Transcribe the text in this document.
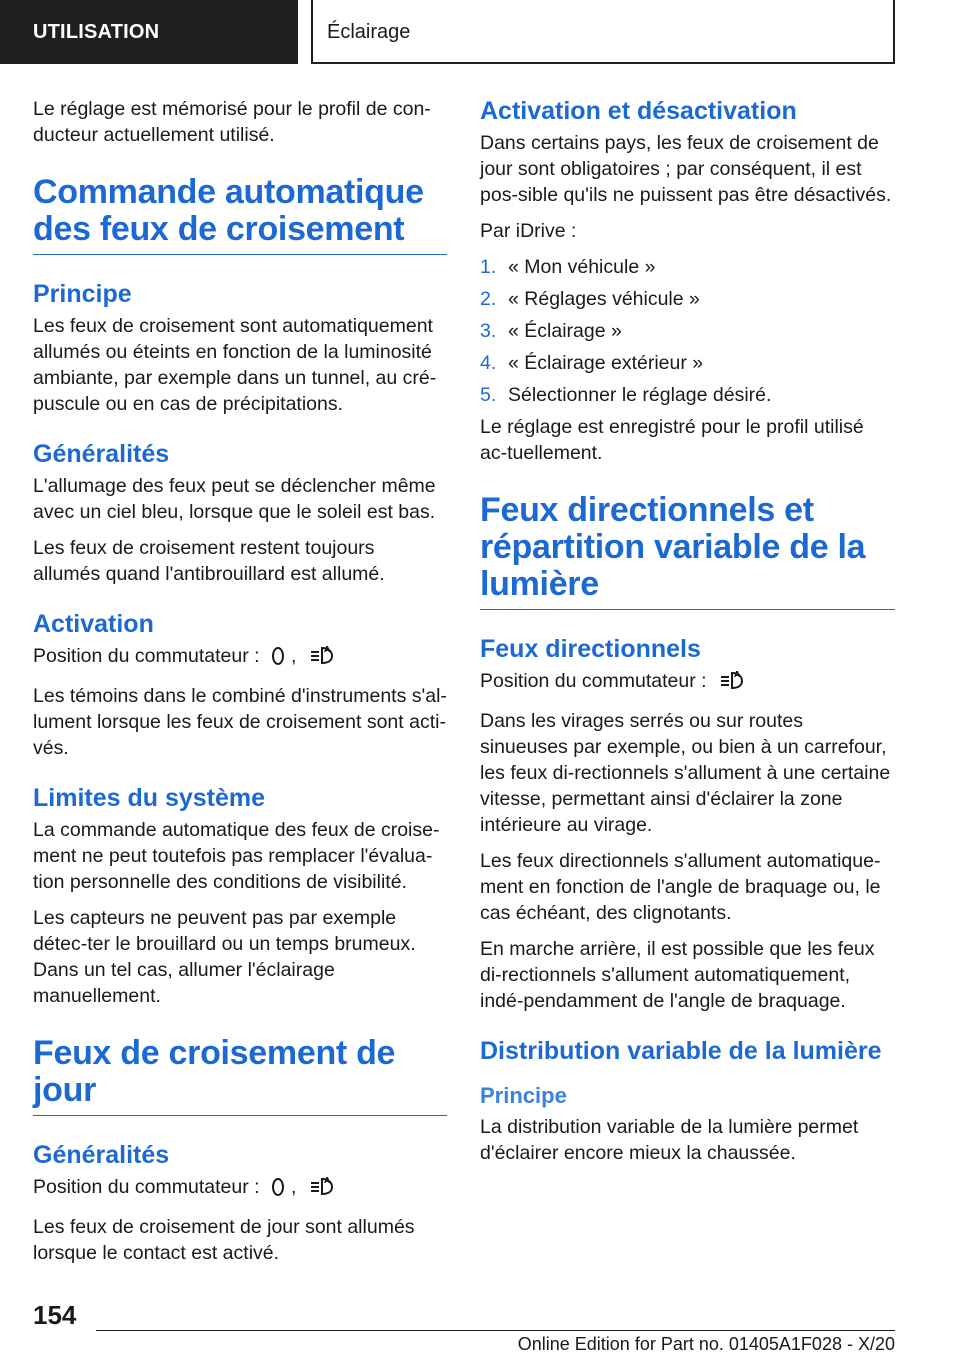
UTILISATION	Éclairage

Le réglage est mémorisé pour le profil de con-ducteur actuellement utilisé.

Commande automatique des feux de croisement
Principe

Les feux de croisement sont automatiquement allumés ou éteints en fonction de la luminosité ambiante, par exemple dans un tunnel, au cré-puscule ou en cas de précipitations.

Généralités

L'allumage des feux peut se déclencher même avec un ciel bleu, lorsque que le soleil est bas.

Les feux de croisement restent toujours allumés quand l'antibrouillard est allumé.

Activation

Position du commutateur : ,	A

Les témoins dans le combiné d'instruments s'al-lument lorsque les feux de croisement sont acti-vés.

Limites du système

La commande automatique des feux de croise-ment ne peut toutefois pas remplacer l'évalua-tion personnelle des conditions de visibilité.

Les capteurs ne peuvent pas par exemple détec-ter le brouillard ou un temps brumeux. Dans un tel cas, allumer l'éclairage manuellement.

Feux de croisement de jour
Généralités

Position du commutateur : ,	A

Les feux de croisement de jour sont allumés lorsque le contact est activé.

Activation et désactivation

Dans certains pays, les feux de croisement de jour sont obligatoires ; par conséquent, il est pos-sible qu'ils ne puissent pas être désactivés.

Par iDrive :

1. « Mon véhicule »
2. « Réglages véhicule »
3. « Éclairage »
4. « Éclairage extérieur »
5. Sélectionner le réglage désiré.

Le réglage est enregistré pour le profil utilisé ac-tuellement.

Feux directionnels et répartition variable de la lumière
Feux directionnels

Position du commutateur :	A

Dans les virages serrés ou sur routes sinueuses par exemple, ou bien à un carrefour, les feux di-rectionnels s'allument à une certaine vitesse, permettant ainsi d'éclairer la zone intérieure au virage.

Les feux directionnels s'allument automatique-ment en fonction de l'angle de braquage ou, le cas échéant, des clignotants.

En marche arrière, il est possible que les feux di-rectionnels s'allument automatiquement, indé-pendamment de l'angle de braquage.

Distribution variable de la lumière
Principe

La distribution variable de la lumière permet d'éclairer encore mieux la chaussée.

154
Online Edition for Part no. 01405A1F028 - X/20
